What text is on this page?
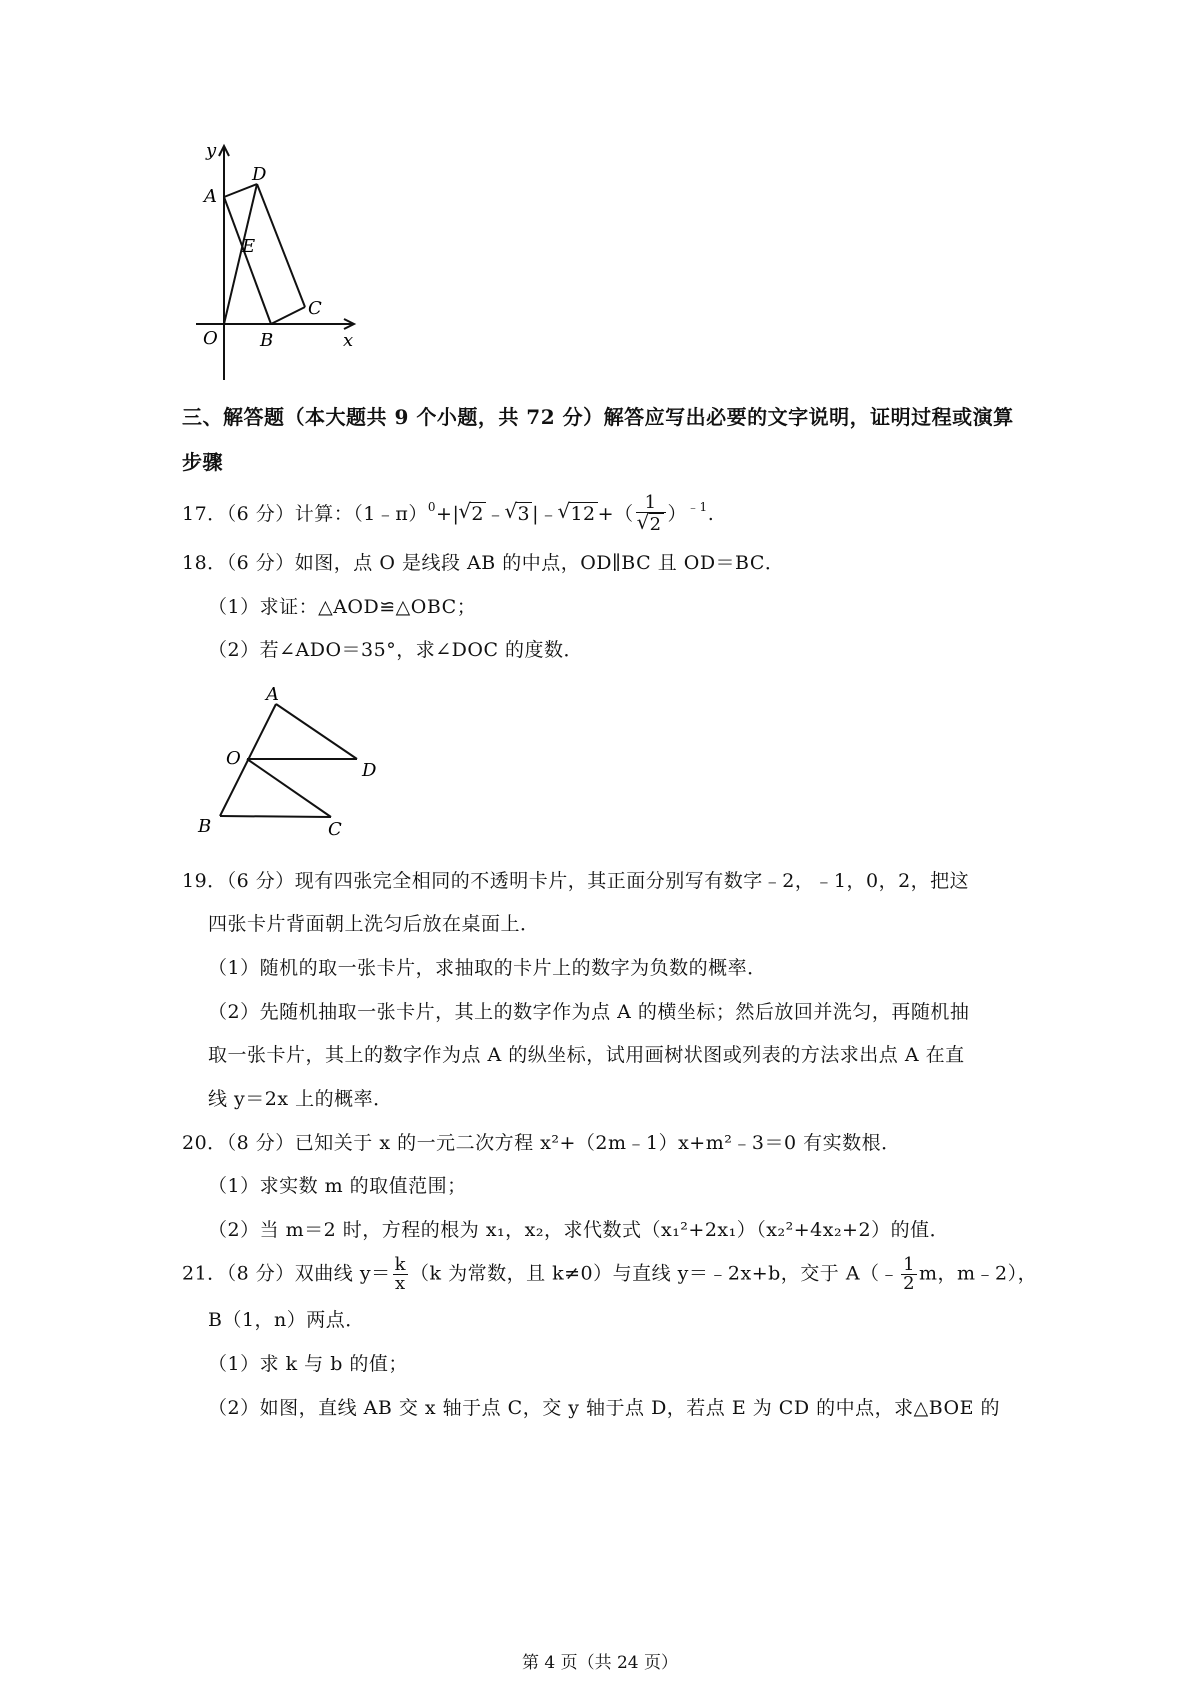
y
A
D
E
C
O B	x
三、解答题（本大题共 9 个小题，共 72 分）解答应写出必要的文字说明，证明过程或演算
步骤
17．（6 分）计算：（1﹣π）$^0$+| √ 2 ﹣ √ 3 |﹣ √ 12 +（ 1
√ 2 ）$^{﹣1}$.
18．（6 分）如图，点 O 是线段 AB 的中点，OD∥BC 且 OD＝BC．
（1）求证：△AOD≌△OBC；
（2）若∠ADO＝35°，求∠DOC 的度数．
A
O
D
B	C
19．（6 分）现有四张完全相同的不透明卡片，其正面分别写有数字﹣2，﹣1，0，2，把这
四张卡片背面朝上洗匀后放在桌面上．
（1）随机的取一张卡片，求抽取的卡片上的数字为负数的概率．
（2）先随机抽取一张卡片，其上的数字作为点 A 的横坐标；然后放回并洗匀，再随机抽
取一张卡片，其上的数字作为点 A 的纵坐标，试用画树状图或列表的方法求出点 A 在直
线 y＝2x 上的概率．
20．（8 分）已知关于 x 的一元二次方程 x²+（2m﹣1）x+m²﹣3＝0 有实数根．
（1）求实数 m 的取值范围；
（2）当 m＝2 时，方程的根为 x₁，x₂，求代数式（x₁²+2x₁）（x₂²+4x₂+2）的值．
21．（8 分）双曲线 $y= \frac{k}{x} (k$ 为常数，且 k≠0）与直线 y＝﹣2x+b，交于 A（﹣ $\frac{1}{2}$ m，m﹣2），
B（1，n）两点．
（1）求 k 与 b 的值；
（2）如图，直线 AB 交 x 轴于点 C，交 y 轴于点 D，若点 E 为 CD 的中点，求△BOE 的
第 4 页（共 24 页）
